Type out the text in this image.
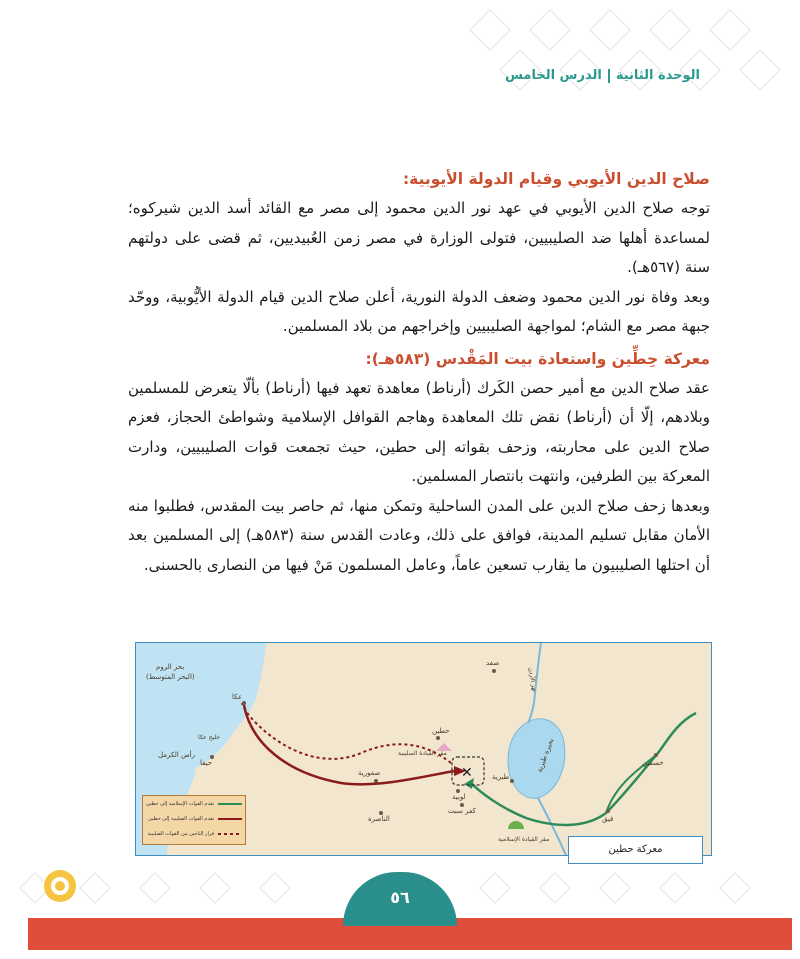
الوحدة الثانية
الدرس الخامس
صلاح الدين الأيوبي وقيام الدولة الأيوبية:

توجه صلاح الدين الأيوبي في عهد نور الدين محمود إلى مصر مع القائد أسد الدين شيركوه؛ لمساعدة أهلها ضد الصليبيين، فتولى الوزارة في مصر زمن العُبيديين، ثم قضى على دولتهم سنة (٥٦٧هـ).

وبعد وفاة نور الدين محمود وضعف الدولة النورية، أعلن صلاح الدين قيام الدولة الأيُّوبية، ووحّد جبهة مصر مع الشام؛ لمواجهة الصليبيين وإخراجهم من بلاد المسلمين.

معركة حِطِّين واستعادة بيت المَقْدس (٥٨٣هـ):

عقد صلاح الدين مع أمير حصن الكَرك (أرناط) معاهدة تعهد فيها (أرناط) بألّا يتعرض للمسلمين وبلادهم، إلّا أن (أرناط) نقض تلك المعاهدة وهاجم القوافل الإسلامية وشواطئ الحجاز، فعزم صلاح الدين على محاربته، وزحف بقواته إلى حطين، حيث تجمعت قوات الصليبيين، ودارت المعركة بين الطرفين، وانتهت بانتصار المسلمين.

وبعدها زحف صلاح الدين على المدن الساحلية وتمكن منها، ثم حاصر بيت المقدس، فطلبوا منه الأمان مقابل تسليم المدينة، فوافق على ذلك، وعادت القدس سنة (٥٨٣هـ) إلى المسلمين بعد أن احتلها الصليبيون ما يقارب تسعين عاماً، وعامل المسلمون مَنْ فيها من النصارى بالحسنى.

✕
بحر الروم
(البحر المتوسط)
عكا
خليج عكا
حيفا
رأس الكرمل
صفد
نهر الأردن
حطين
مقر القيادة الصليبية
طبرية
بحيرة طبرية
لوبية
صفورية
كفر سبت
مقر القيادة الإسلامية
الناصرة
خسفين
فيق
تقدم القوات الإسلامية إلى حطين
تقدم القوات الصليبية إلى حطين
فرار الناجين من القوات الصليبية
معركة حطين
٥٦
